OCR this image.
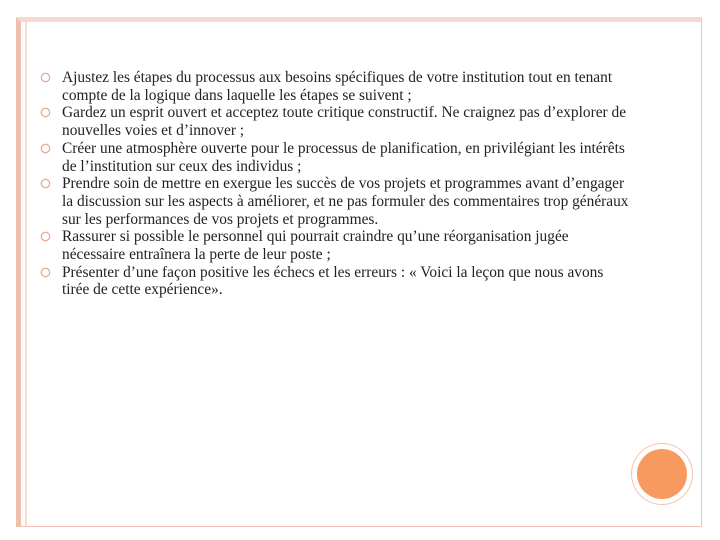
Ajustez les étapes du processus aux besoins spécifiques de votre institution tout en tenant compte de la logique dans laquelle les étapes se suivent ;
Gardez un esprit ouvert et acceptez toute critique constructif. Ne craignez pas d’explorer de nouvelles voies et d’innover ;
Créer une atmosphère ouverte pour le processus de planification, en privilégiant les intérêts de l’institution sur ceux des individus ;
Prendre soin de mettre en exergue les succès de vos projets et programmes avant d’engager la discussion sur les aspects à améliorer, et ne pas formuler des commentaires trop généraux sur les performances de vos projets et programmes.
Rassurer si possible le personnel qui pourrait craindre qu’une réorganisation jugée nécessaire entraînera la perte de leur poste ;
Présenter d’une façon positive les échecs et les erreurs : « Voici la leçon que nous avons tirée de cette expérience».
